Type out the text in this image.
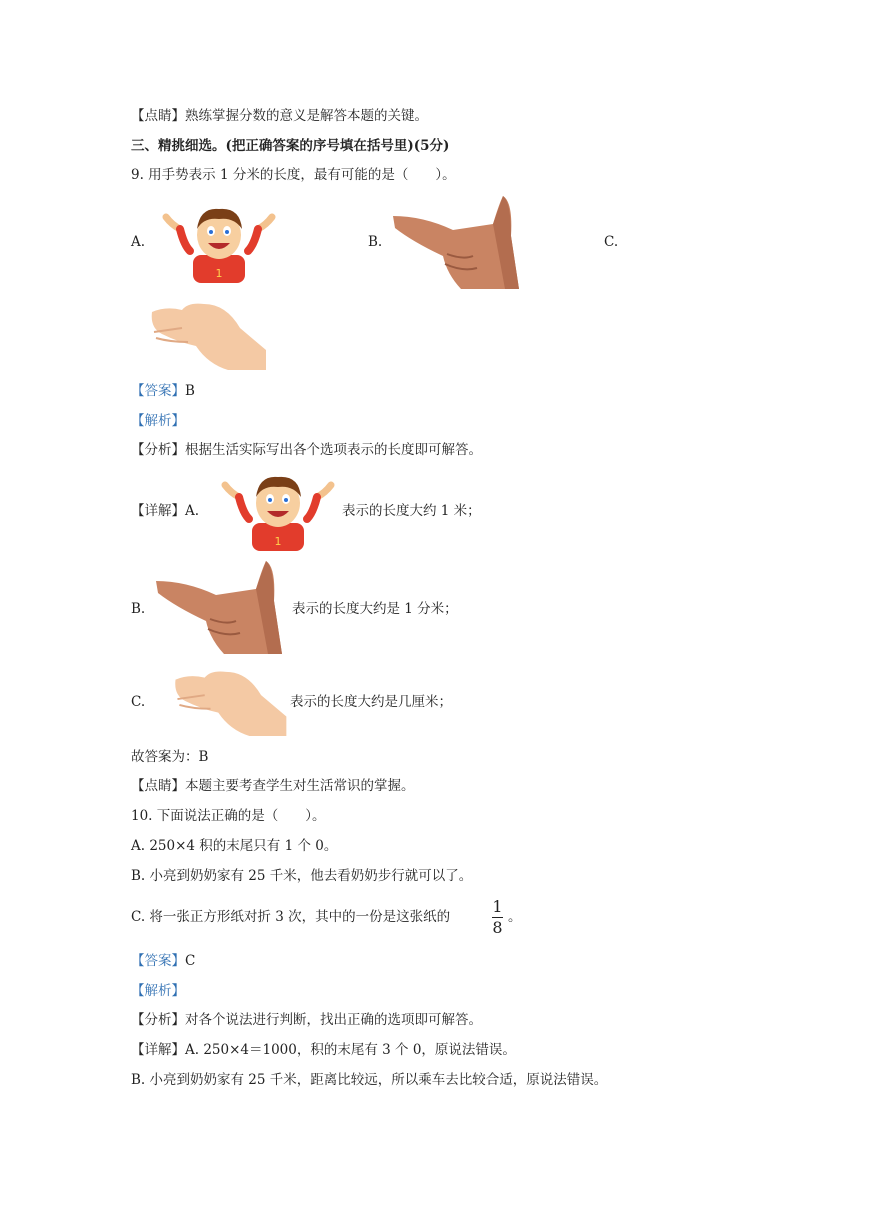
【点睛】熟练掌握分数的意义是解答本题的关键。
三、精挑细选。(把正确答案的序号填在括号里)(5分)
9. 用手势表示 1 分米的长度，最有可能的是（　　）。
A.
1
B.	C.
【答案】B
【解析】
【分析】根据生活实际写出各个选项表示的长度即可解答。
【详解】A.
1
表示的长度大约 1 米；
B.	表示的长度大约是 1 分米；
C.	表示的长度大约是几厘米；
故答案为：B
【点睛】本题主要考查学生对生活常识的掌握。
10. 下面说法正确的是（　　）。
A. 250×4 积的末尾只有 1 个 0。
B. 小亮到奶奶家有 25 千米，他去看奶奶步行就可以了。
C. 将一张正方形纸对折 3 次，其中的一份是这张纸的
1
8
。
【答案】C
【解析】
【分析】对各个说法进行判断，找出正确的选项即可解答。
【详解】A. 250×4＝1000，积的末尾有 3 个 0，原说法错误。
B. 小亮到奶奶家有 25 千米，距离比较远，所以乘车去比较合适，原说法错误。
